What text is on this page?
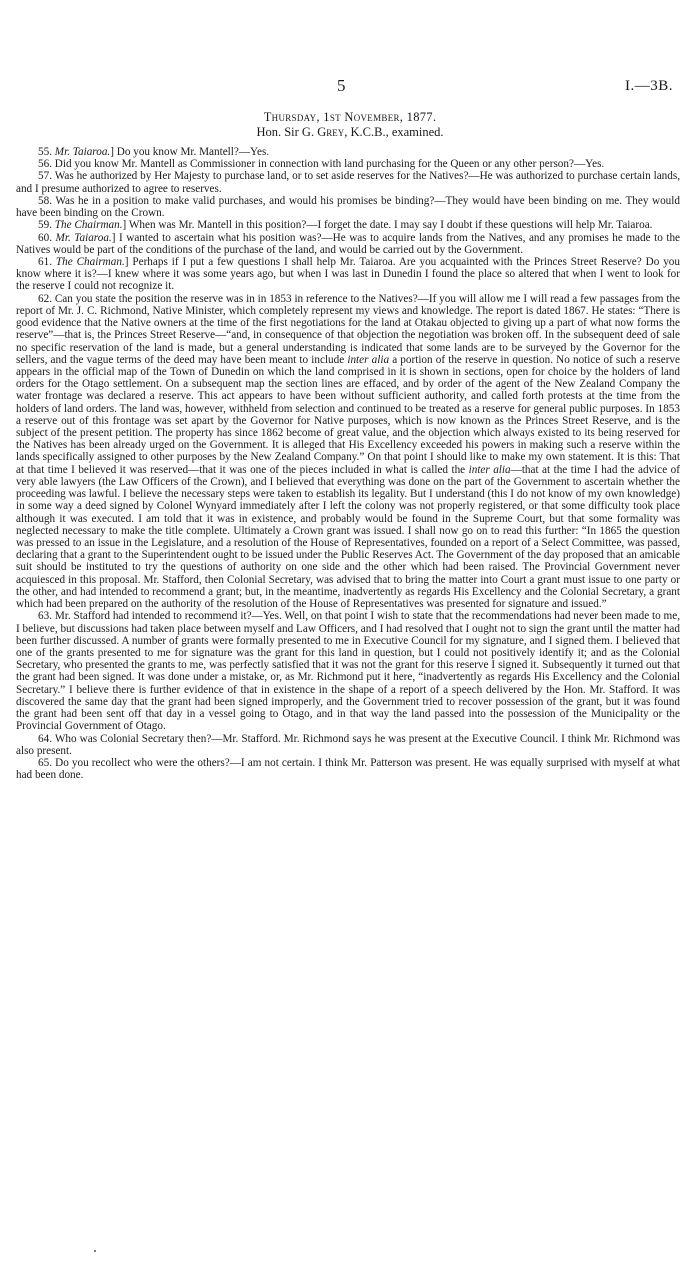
5	I.—3B.
Thursday, 1st November, 1877.
Hon. Sir G. Grey, K.C.B., examined.

55. Mr. Taiaroa.] Do you know Mr. Mantell?—Yes.

56. Did you know Mr. Mantell as Commissioner in connection with land purchasing for the Queen or any other person?—Yes.

57. Was he authorized by Her Majesty to purchase land, or to set aside reserves for the Natives?—He was authorized to purchase certain lands, and I presume authorized to agree to reserves.

58. Was he in a position to make valid purchases, and would his promises be binding?—They would have been binding on me. They would have been binding on the Crown.

59. The Chairman.] When was Mr. Mantell in this position?—I forget the date. I may say I doubt if these questions will help Mr. Taiaroa.

60. Mr. Taiaroa.] I wanted to ascertain what his position was?—He was to acquire lands from the Natives, and any promises he made to the Natives would be part of the conditions of the purchase of the land, and would be carried out by the Government.

61. The Chairman.] Perhaps if I put a few questions I shall help Mr. Taiaroa. Are you acquainted with the Princes Street Reserve? Do you know where it is?—I knew where it was some years ago, but when I was last in Dunedin I found the place so altered that when I went to look for the reserve I could not recognize it.

62. Can you state the position the reserve was in in 1853 in reference to the Natives?—If you will allow me I will read a few passages from the report of Mr. J. C. Richmond, Native Minister, which completely represent my views and knowledge. The report is dated 1867. He states: “There is good evidence that the Native owners at the time of the first negotiations for the land at Otakau objected to giving up a part of what now forms the reserve”—that is, the Princes Street Reserve—“and, in consequence of that objection the negotiation was broken off. In the subsequent deed of sale no specific reservation of the land is made, but a general understanding is indicated that some lands are to be surveyed by the Governor for the sellers, and the vague terms of the deed may have been meant to include inter alia a portion of the reserve in question. No notice of such a reserve appears in the official map of the Town of Dunedin on which the land comprised in it is shown in sections, open for choice by the holders of land orders for the Otago settlement. On a subsequent map the section lines are effaced, and by order of the agent of the New Zealand Company the water frontage was declared a reserve. This act appears to have been without sufficient authority, and called forth protests at the time from the holders of land orders. The land was, however, withheld from selection and continued to be treated as a reserve for general public purposes. In 1853 a reserve out of this frontage was set apart by the Governor for Native purposes, which is now known as the Princes Street Reserve, and is the subject of the present petition. The property has since 1862 become of great value, and the objection which always existed to its being reserved for the Natives has been already urged on the Government. It is alleged that His Excellency exceeded his powers in making such a reserve within the lands specifically assigned to other purposes by the New Zealand Company.” On that point I should like to make my own statement. It is this: That at that time I believed it was reserved—that it was one of the pieces included in what is called the inter alia—that at the time I had the advice of very able lawyers (the Law Officers of the Crown), and I believed that everything was done on the part of the Government to ascertain whether the proceeding was lawful. I believe the necessary steps were taken to establish its legality. But I understand (this I do not know of my own knowledge) in some way a deed signed by Colonel Wynyard immediately after I left the colony was not properly registered, or that some difficulty took place although it was executed. I am told that it was in existence, and probably would be found in the Supreme Court, but that some formality was neglected necessary to make the title complete. Ultimately a Crown grant was issued. I shall now go on to read this further: “In 1865 the question was pressed to an issue in the Legislature, and a resolution of the House of Representatives, founded on a report of a Select Committee, was passed, declaring that a grant to the Superintendent ought to be issued under the Public Reserves Act. The Government of the day proposed that an amicable suit should be instituted to try the questions of authority on one side and the other which had been raised. The Provincial Government never acquiesced in this proposal. Mr. Stafford, then Colonial Secretary, was advised that to bring the matter into Court a grant must issue to one party or the other, and had intended to recommend a grant; but, in the meantime, inadvertently as regards His Excellency and the Colonial Secretary, a grant which had been prepared on the authority of the resolution of the House of Representatives was presented for signature and issued.”

63. Mr. Stafford had intended to recommend it?—Yes. Well, on that point I wish to state that the recommendations had never been made to me, I believe, but discussions had taken place between myself and Law Officers, and I had resolved that I ought not to sign the grant until the matter had been further discussed. A number of grants were formally presented to me in Executive Council for my signature, and I signed them. I believed that one of the grants presented to me for signature was the grant for this land in question, but I could not positively identify it; and as the Colonial Secretary, who presented the grants to me, was perfectly satisfied that it was not the grant for this reserve I signed it. Subsequently it turned out that the grant had been signed. It was done under a mistake, or, as Mr. Richmond put it here, “inadvertently as regards His Excellency and the Colonial Secretary.” I believe there is further evidence of that in existence in the shape of a report of a speech delivered by the Hon. Mr. Stafford. It was discovered the same day that the grant had been signed improperly, and the Government tried to recover possession of the grant, but it was found the grant had been sent off that day in a vessel going to Otago, and in that way the land passed into the possession of the Municipality or the Provincial Government of Otago.

64. Who was Colonial Secretary then?—Mr. Stafford. Mr. Richmond says he was present at the Executive Council. I think Mr. Richmond was also present.

65. Do you recollect who were the others?—I am not certain. I think Mr. Patterson was present. He was equally surprised with myself at what had been done.
